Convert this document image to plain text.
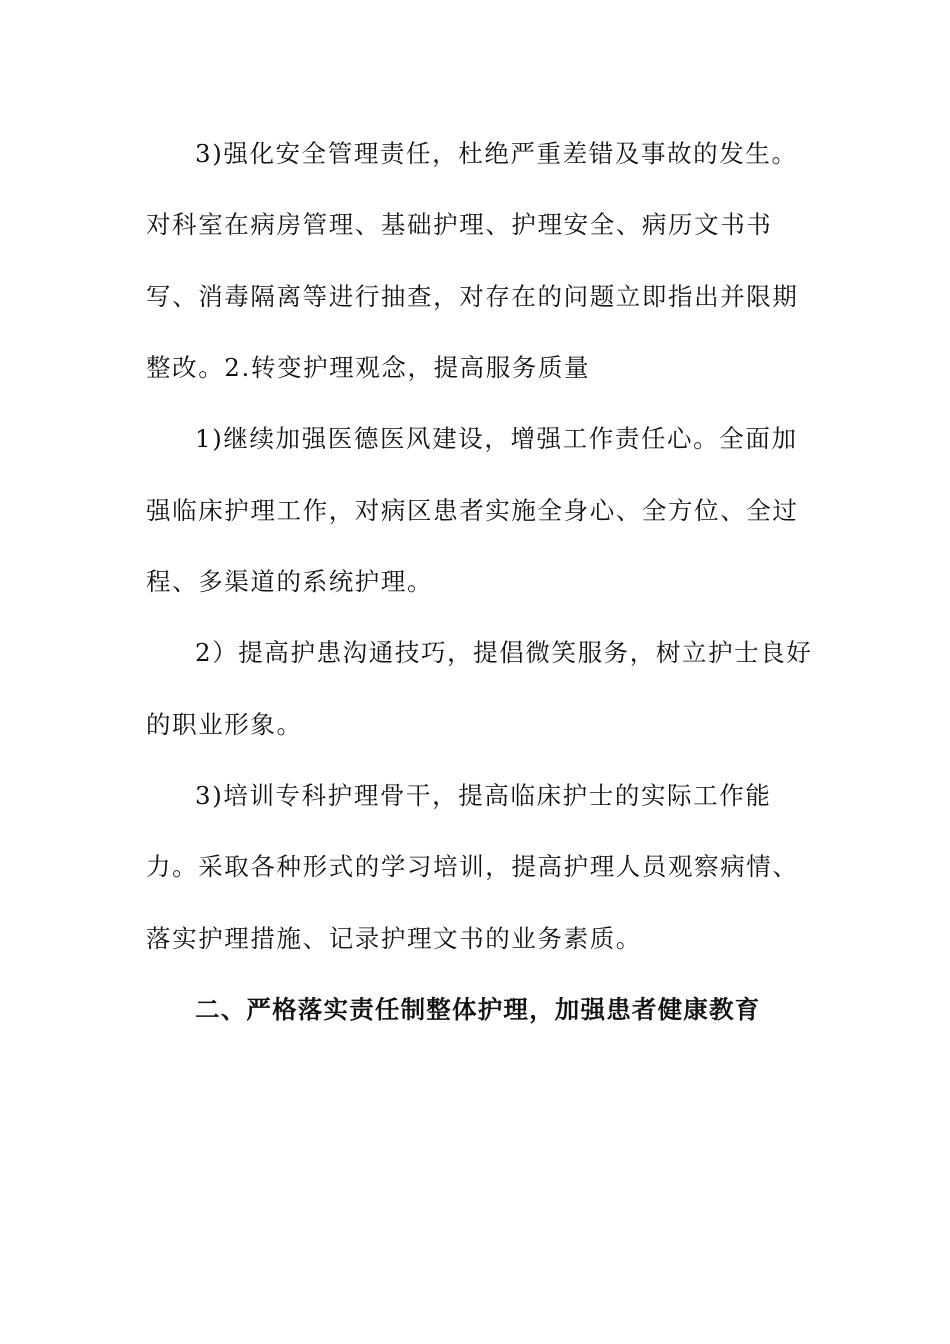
3)强化安全管理责任，杜绝严重差错及事故的发生。
对科室在病房管理、基础护理、护理安全、病历文书书
写、消毒隔离等进行抽查，对存在的问题立即指出并限期
整改。2.转变护理观念，提高服务质量
1)继续加强医德医风建设，增强工作责任心。全面加
强临床护理工作，对病区患者实施全身心、全方位、全过
程、多渠道的系统护理。
2）提高护患沟通技巧，提倡微笑服务，树立护士良好
的职业形象。
3)培训专科护理骨干，提高临床护士的实际工作能
力。采取各种形式的学习培训，提高护理人员观察病情、
落实护理措施、记录护理文书的业务素质。
二、严格落实责任制整体护理，加强患者健康教育
